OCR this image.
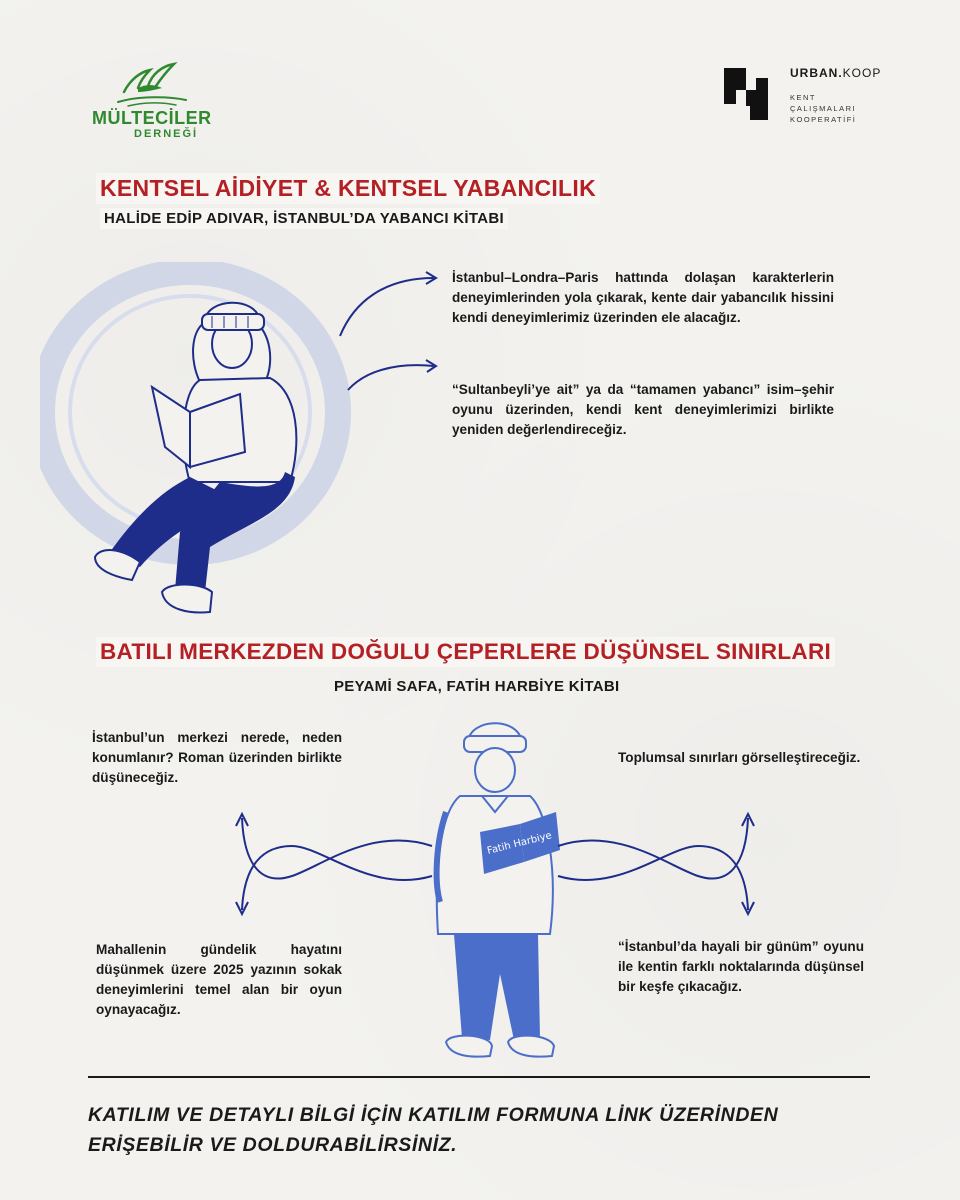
MÜLTECİLER
DERNEĞİ
URBAN.KOOP
KENT
ÇALIŞMALARI
KOOPERATİFİ
KENTSEL AİDİYET & KENTSEL YABANCILIK
HALİDE EDİP ADIVAR, İSTANBUL’DA YABANCI KİTABI
İstanbul–Londra–Paris hattında dolaşan karakterlerin deneyimlerinden yola çıkarak, kente dair yabancılık hissini kendi deneyimlerimiz üzerinden ele alacağız.
“Sultanbeyli’ye ait” ya da “tamamen yabancı” isim–şehir oyunu üzerinden, kendi kent deneyimlerimizi birlikte yeniden değerlendireceğiz.
BATILI MERKEZDEN DOĞULU ÇEPERLERE DÜŞÜNSEL SINIRLARI
PEYAMİ SAFA, FATİH HARBİYE KİTABI
Fatih Harbiye
İstanbul’un merkezi nerede, neden konumlanır? Roman üzerinden birlikte düşüneceğiz.
Toplumsal sınırları görselleştireceğiz.
Mahallenin gündelik hayatını düşünmek üzere 2025 yazının sokak deneyimlerini temel alan bir oyun oynayacağız.
“İstanbul’da hayali bir günüm” oyunu ile kentin farklı noktalarında düşünsel bir keşfe çıkacağız.
KATILIM VE DETAYLI BİLGİ İÇİN KATILIM FORMUNA LİNK ÜZERİNDEN ERİŞEBİLİR VE DOLDURABİLİRSİNİZ.
